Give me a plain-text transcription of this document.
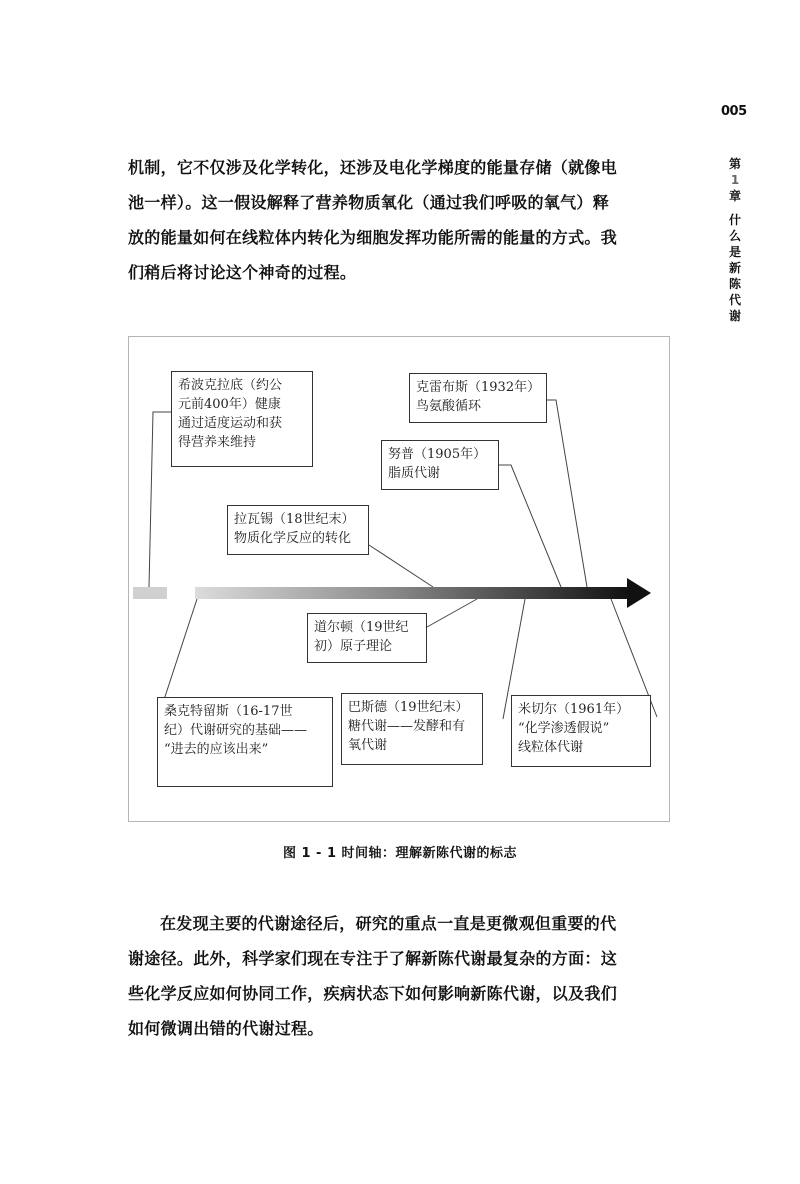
005
第
1
章
什
么
是
新
陈
代
谢

机制，它不仅涉及化学转化，还涉及电化学梯度的能量存储（就像电
池一样）。这一假设解释了营养物质氧化（通过我们呼吸的氧气）释
放的能量如何在线粒体内转化为细胞发挥功能所需的能量的方式。我
们稍后将讨论这个神奇的过程。

希波克拉底（约公
元前400年）健康
通过适度运动和获
得营养来维持
克雷布斯（1932年）
鸟氨酸循环
努普（1905年）
脂质代谢
拉瓦锡（18世纪末）
物质化学反应的转化
道尔顿（19世纪
初）原子理论
桑克特留斯（16-17世
纪）代谢研究的基础——
“进去的应该出来”
巴斯德（19世纪末）
糖代谢——发酵和有
氧代谢
米切尔（1961年）
“化学渗透假说”
线粒体代谢
图 1 - 1 时间轴：理解新陈代谢的标志

在发现主要的代谢途径后，研究的重点一直是更微观但重要的代
谢途径。此外，科学家们现在专注于了解新陈代谢最复杂的方面：这
些化学反应如何协同工作，疾病状态下如何影响新陈代谢，以及我们
如何微调出错的代谢过程。
